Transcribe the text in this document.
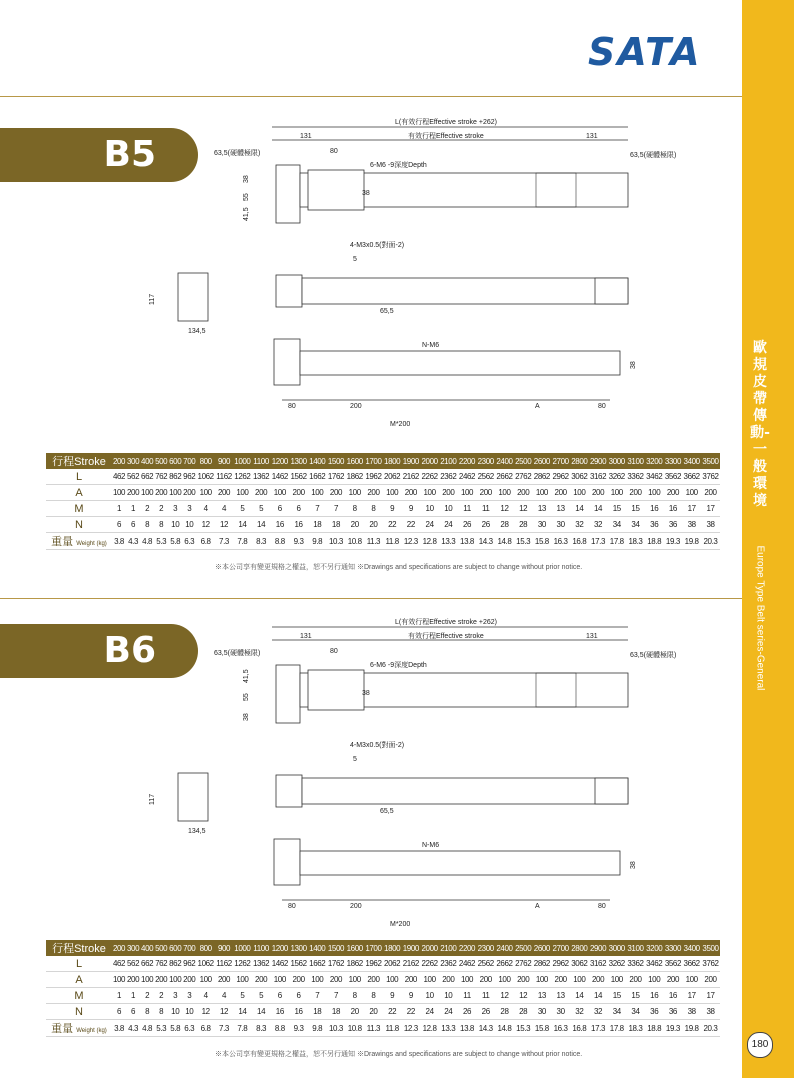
SATA
歐規皮帶傳動-一般環境
Europe Type Belt series-General
B5
L(有效行程Effective stroke +262)
131	有效行程Effective stroke	131
63,5(硬體極限)	63,5(硬體極限)
80
6-M6 -9深度Depth
38
38
55
41,5
4-M3x0.5(對面-2)
5
65,5
117
134,5
N-M6
38
80	200	A	80
M*200
行程Stroke	200	300	400	500	600	700	800	900	1000	1100	1200	1300	1400	1500	1600	1700	1800	1900	2000	2100	2200	2300	2400	2500	2600	2700	2800	2900	3000	3100	3200	3300	3400	3500
L	462	562	662	762	862	962	1062	1162	1262	1362	1462	1562	1662	1762	1862	1962	2062	2162	2262	2362	2462	2562	2662	2762	2862	2962	3062	3162	3262	3362	3462	3562	3662	3762
A	100	200	100	200	100	200	100	200	100	200	100	200	100	200	100	200	100	200	100	200	100	200	100	200	100	200	100	200	100	200	100	200	100	200
M	1	1	2	2	3	3	4	4	5	5	6	6	7	7	8	8	9	9	10	10	11	11	12	12	13	13	14	14	15	15	16	16	17	17
N	6	6	8	8	10	10	12	12	14	14	16	16	18	18	20	20	22	22	24	24	26	26	28	28	30	30	32	32	34	34	36	36	38	38
重量 Weight (kg)	3.8	4.3	4.8	5.3	5.8	6.3	6.8	7.3	7.8	8.3	8.8	9.3	9.8	10.3	10.8	11.3	11.8	12.3	12.8	13.3	13.8	14.3	14.8	15.3	15.8	16.3	16.8	17.3	17.8	18.3	18.8	19.3	19.8	20.3
※本公司享有變更規格之權益，恕不另行通知 ※Drawings and specifications are subject to change without prior notice.
B6
L(有效行程Effective stroke +262)
131	有效行程Effective stroke	131
63,5(硬體極限)	63,5(硬體極限)
80
6-M6 -9深度Depth
38
41,5
55
38
4-M3x0.5(對面-2)
5
65,5
117
134,5
N-M6
38
80	200	A	80
M*200
行程Stroke	200	300	400	500	600	700	800	900	1000	1100	1200	1300	1400	1500	1600	1700	1800	1900	2000	2100	2200	2300	2400	2500	2600	2700	2800	2900	3000	3100	3200	3300	3400	3500
L	462	562	662	762	862	962	1062	1162	1262	1362	1462	1562	1662	1762	1862	1962	2062	2162	2262	2362	2462	2562	2662	2762	2862	2962	3062	3162	3262	3362	3462	3562	3662	3762
A	100	200	100	200	100	200	100	200	100	200	100	200	100	200	100	200	100	200	100	200	100	200	100	200	100	200	100	200	100	200	100	200	100	200
M	1	1	2	2	3	3	4	4	5	5	6	6	7	7	8	8	9	9	10	10	11	11	12	12	13	13	14	14	15	15	16	16	17	17
N	6	6	8	8	10	10	12	12	14	14	16	16	18	18	20	20	22	22	24	24	26	26	28	28	30	30	32	32	34	34	36	36	38	38
重量 Weight (kg)	3.8	4.3	4.8	5.3	5.8	6.3	6.8	7.3	7.8	8.3	8.8	9.3	9.8	10.3	10.8	11.3	11.8	12.3	12.8	13.3	13.8	14.3	14.8	15.3	15.8	16.3	16.8	17.3	17.8	18.3	18.8	19.3	19.8	20.3
※本公司享有變更規格之權益，恕不另行通知 ※Drawings and specifications are subject to change without prior notice.
180
